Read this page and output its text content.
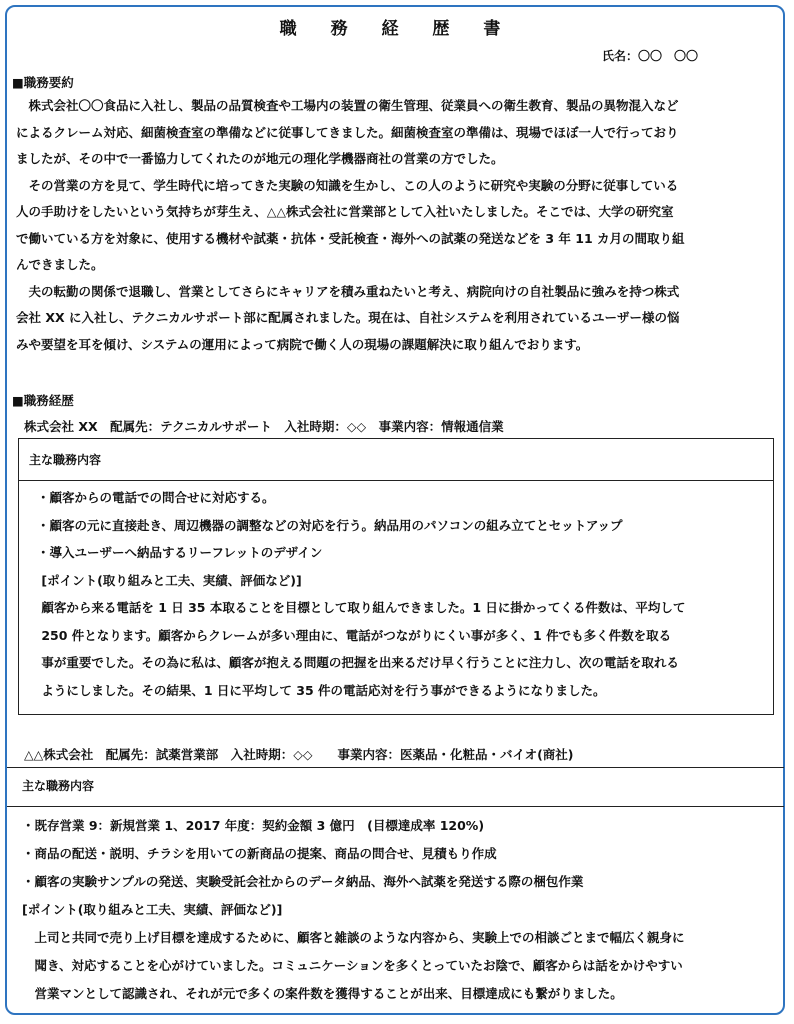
職 務 経 歴 書
氏名：〇〇　〇〇
■職務要約

　株式会社〇〇食品に入社し、製品の品質検査や工場内の装置の衛生管理、従業員への衛生教育、製品の異物混入など

によるクレーム対応、細菌検査室の準備などに従事してきました。細菌検査室の準備は、現場でほぼ一人で行っており

ましたが、その中で一番協力してくれたのが地元の理化学機器商社の営業の方でした。

　その営業の方を見て、学生時代に培ってきた実験の知識を生かし、この人のように研究や実験の分野に従事している

人の手助けをしたいという気持ちが芽生え、△△株式会社に営業部として入社いたしました。そこでは、大学の研究室

で働いている方を対象に、使用する機材や試薬・抗体・受託検査・海外への試薬の発送などを 3 年 11 カ月の間取り組

んできました。

　夫の転勤の関係で退職し、営業としてさらにキャリアを積み重ねたいと考え、病院向けの自社製品に強みを持つ株式

会社 XX に入社し、テクニカルサポート部に配属されました。現在は、自社システムを利用されているユーザー様の悩

みや要望を耳を傾け、システムの運用によって病院で働く人の現場の課題解決に取り組んでおります。

■職務経歴
株式会社 XX　配属先：テクニカルサポート　入社時期：◇◇　事業内容：情報通信業
主な職務内容

・顧客からの電話での問合せに対応する。

・顧客の元に直接赴き、周辺機器の調整などの対応を行う。納品用のパソコンの組み立てとセットアップ

・導入ユーザーへ納品するリーフレットのデザイン

[ポイント(取り組みと工夫、実績、評価など)]

顧客から来る電話を 1 日 35 本取ることを目標として取り組んできました。1 日に掛かってくる件数は、平均して

250 件となります。顧客からクレームが多い理由に、電話がつながりにくい事が多く、1 件でも多く件数を取る

事が重要でした。その為に私は、顧客が抱える問題の把握を出来るだけ早く行うことに注力し、次の電話を取れる

ようにしました。その結果、1 日に平均して 35 件の電話応対を行う事ができるようになりました。

△△株式会社　配属先：試薬営業部　入社時期：◇◇　　事業内容：医薬品・化粧品・バイオ(商社)
主な職務内容

・既存営業 9：新規営業 1、2017 年度：契約金額 3 億円　(目標達成率 120%)

・商品の配送・説明、チラシを用いての新商品の提案、商品の問合せ、見積もり作成

・顧客の実験サンプルの発送、実験受託会社からのデータ納品、海外へ試薬を発送する際の梱包作業

[ポイント(取り組みと工夫、実績、評価など)]

　上司と共同で売り上げ目標を達成するために、顧客と雑談のような内容から、実験上での相談ごとまで幅広く親身に

　聞き、対応することを心がけていました。コミュニケーションを多くとっていたお陰で、顧客からは話をかけやすい

　営業マンとして認識され、それが元で多くの案件数を獲得することが出来、目標達成にも繋がりました。
